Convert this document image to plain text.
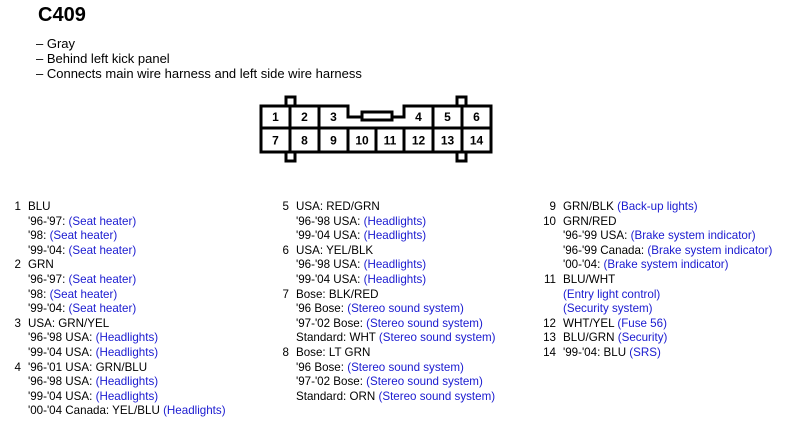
C409
– Gray
– Behind left kick panel
– Connects main wire harness and left side wire harness
1 2 3	4 5 6
7 8 9 10 11 12 13 14
1 BLU
'96-'97: (Seat heater)
'98: (Seat heater)
'99-'04: (Seat heater)
2 GRN
'96-'97: (Seat heater)
'98: (Seat heater)
'99-'04: (Seat heater)
3 USA: GRN/YEL
'96-'98 USA: (Headlights)
'99-'04 USA: (Headlights)
4 '96-'01 USA: GRN/BLU
'96-'98 USA: (Headlights)
'99-'04 USA: (Headlights)
'00-'04 Canada: YEL/BLU (Headlights)
5 USA: RED/GRN
'96-'98 USA: (Headlights)
'99-'04 USA: (Headlights)
6 USA: YEL/BLK
'96-'98 USA: (Headlights)
'99-'04 USA: (Headlights)
7 Bose: BLK/RED
'96 Bose: (Stereo sound system)
'97-'02 Bose: (Stereo sound system)
Standard: WHT (Stereo sound system)
8 Bose: LT GRN
'96 Bose: (Stereo sound system)
'97-'02 Bose: (Stereo sound system)
Standard: ORN (Stereo sound system)
9 GRN/BLK (Back-up lights)
10 GRN/RED
'96-'99 USA: (Brake system indicator)
'96-'99 Canada: (Brake system indicator)
'00-'04: (Brake system indicator)
11 BLU/WHT
(Entry light control)
(Security system)
12 WHT/YEL (Fuse 56)
13 BLU/GRN (Security)
14 '99-'04: BLU (SRS)
